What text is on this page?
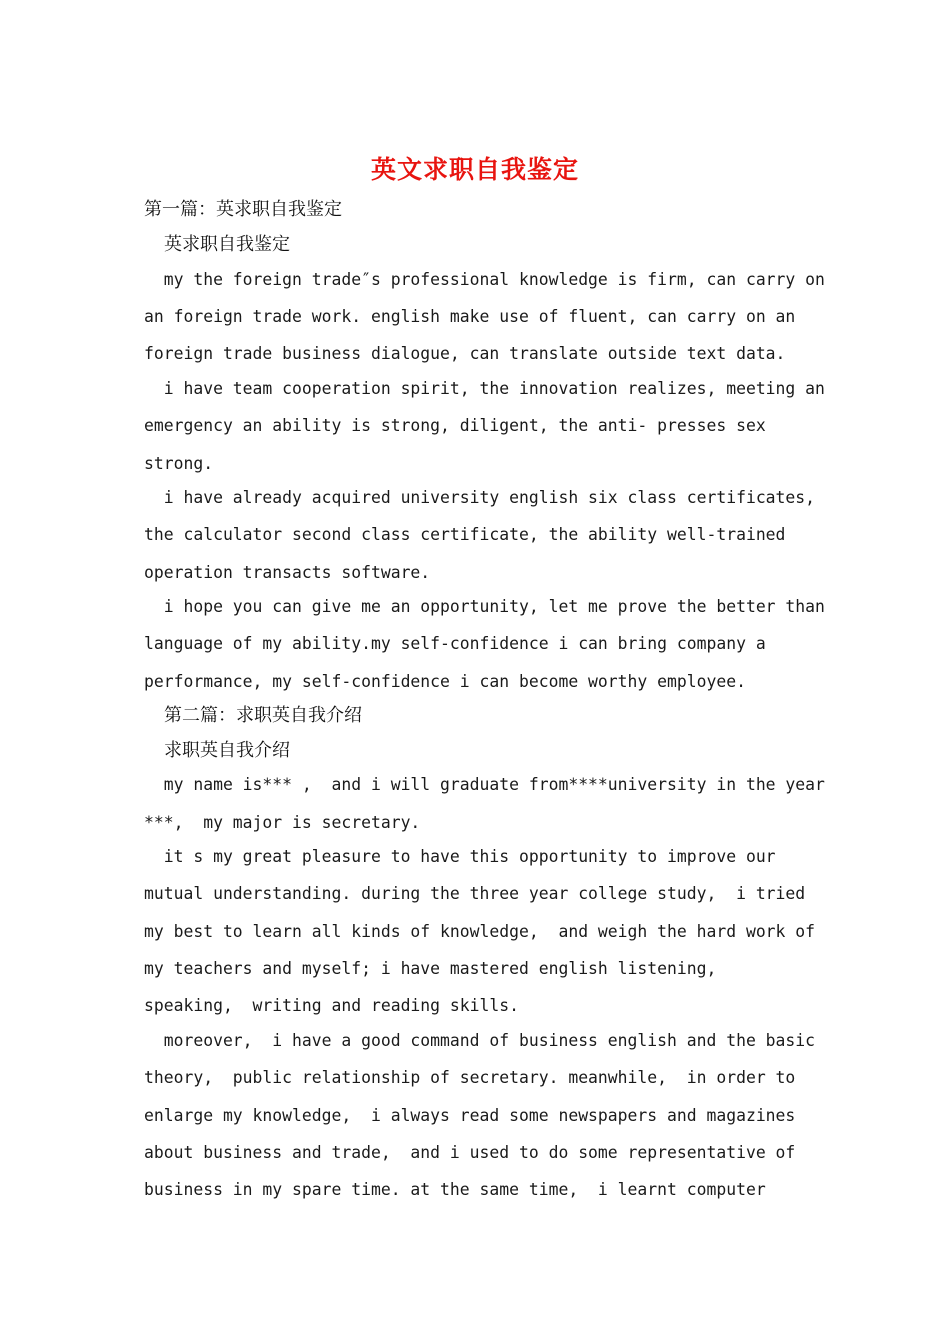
英文求职自我鉴定
第一篇：英求职自我鉴定
英求职自我鉴定
my the foreign trade″s professional knowledge is firm, can carry on
an foreign trade work. english make use of fluent, can carry on an
foreign trade business dialogue, can translate outside text data.
i have team cooperation spirit, the innovation realizes, meeting an
emergency an ability is strong, diligent, the anti- presses sex
strong.
i have already acquired university english six class certificates,
the calculator second class certificate, the ability well-trained
operation transacts software.
i hope you can give me an opportunity, let me prove the better than
language of my ability.my self-confidence i can bring company a
performance, my self-confidence i can become worthy employee.
第二篇：求职英自我介绍
求职英自我介绍
my name is*** ,  and i will graduate from****university in the year
***,  my major is secretary.
it s my great pleasure to have this opportunity to improve our
mutual understanding. during the three year college study,  i tried
my best to learn all kinds of knowledge,  and weigh the hard work of
my teachers and myself; i have mastered english listening,
speaking,  writing and reading skills.
moreover,  i have a good command of business english and the basic
theory,  public relationship of secretary. meanwhile,  in order to
enlarge my knowledge,  i always read some newspapers and magazines
about business and trade,  and i used to do some representative of
business in my spare time. at the same time,  i learnt computer
